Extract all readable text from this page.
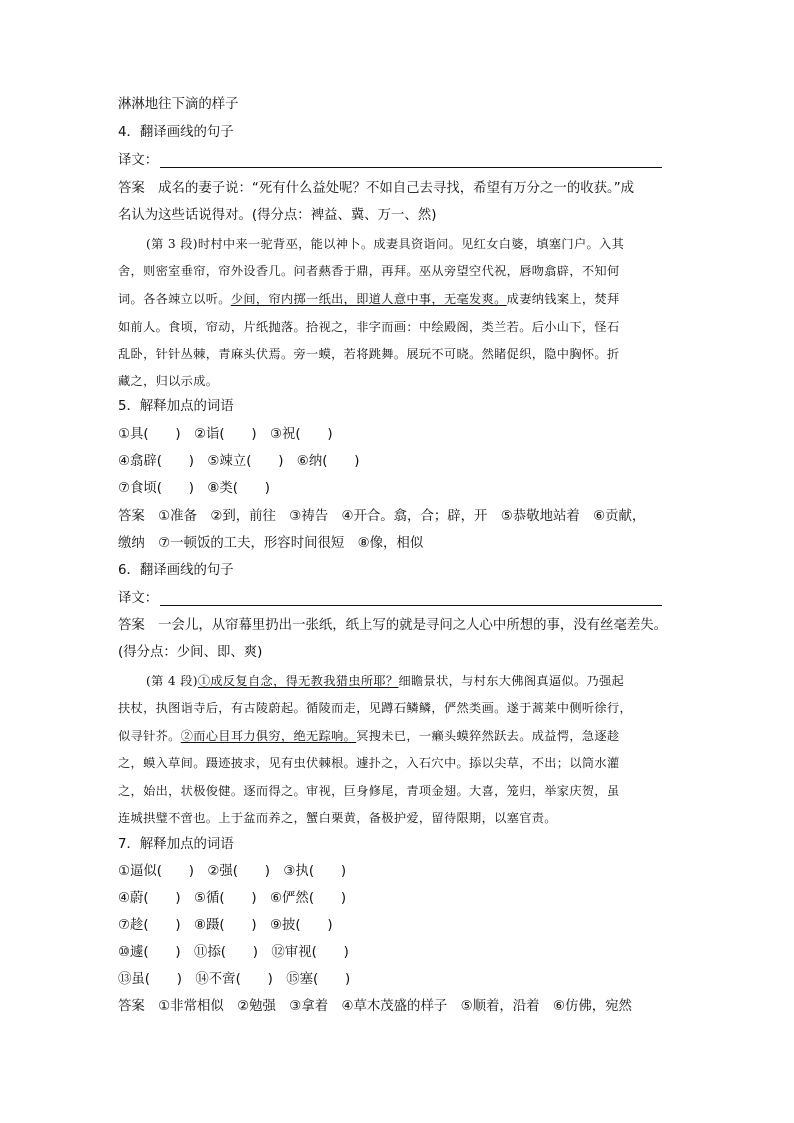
淋淋地往下滴的样子
4．翻译画线的句子
译文：
答案　成名的妻子说：“死有什么益处呢？不如自己去寻找，希望有万分之一的收获。”成
名认为这些话说得对。(得分点：裨益、冀、万一、然)
(第 3 段)时村中来一驼背巫，能以神卜。成妻具资诣问。见红女白婆，填塞门户。入其
舍，则密室垂帘，帘外设香几。问者爇香于鼎，再拜。巫从旁望空代祝，唇吻翕辟，不知何
词。各各竦立以听。少间，帘内掷一纸出，即道人意中事，无毫发爽。成妻纳钱案上，焚拜
如前人。食顷，帘动，片纸抛落。拾视之，非字而画：中绘殿阁，类兰若。后小山下，怪石
乱卧，针针丛棘，青麻头伏焉。旁一蟆，若将跳舞。展玩不可晓。然睹促织，隐中胸怀。折
藏之，归以示成。
5．解释加点的词语
①具(　　)　②诣(　　)　③祝(　　)
④翕辟(　　)　⑤竦立(　　)　⑥纳(　　)
⑦食顷(　　)　⑧类(　　)
答案　①准备　②到，前往　③祷告　④开合。翕，合；辟，开　⑤恭敬地站着　⑥贡献，
缴纳　⑦一顿饭的工夫，形容时间很短　⑧像，相似
6．翻译画线的句子
译文：
答案　一会儿，从帘幕里扔出一张纸，纸上写的就是寻问之人心中所想的事，没有丝毫差失。
(得分点：少间、即、爽)
(第 4 段)①成反复自念，得无教我猎虫所耶？细瞻景状，与村东大佛阁真逼似。乃强起
扶杖，执图诣寺后，有古陵蔚起。循陵而走，见蹲石鳞鳞，俨然类画。遂于蒿莱中侧听徐行，
似寻针芥。②而心目耳力俱穷，绝无踪响。冥搜未已，一癞头蟆猝然跃去。成益愕，急逐趁
之，蟆入草间。蹑迹披求，见有虫伏棘根。遽扑之，入石穴中。掭以尖草，不出；以筒水灌
之，始出，状极俊健。逐而得之。审视，巨身修尾，青项金翅。大喜，笼归，举家庆贺，虽
连城拱璧不啻也。上于盆而养之，蟹白栗黄，备极护爱，留待限期，以塞官责。
7．解释加点的词语
①逼似(　　)　②强(　　)　③执(　　)
④蔚(　　)　⑤循(　　)　⑥俨然(　　)
⑦趁(　　)　⑧蹑(　　)　⑨披(　　)
⑩遽(　　)　⑪掭(　　)　⑫审视(　　)
⑬虽(　　)　⑭不啻(　　)　⑮塞(　　)
答案　①非常相似　②勉强　③拿着　④草木茂盛的样子　⑤顺着，沿着　⑥仿佛，宛然
